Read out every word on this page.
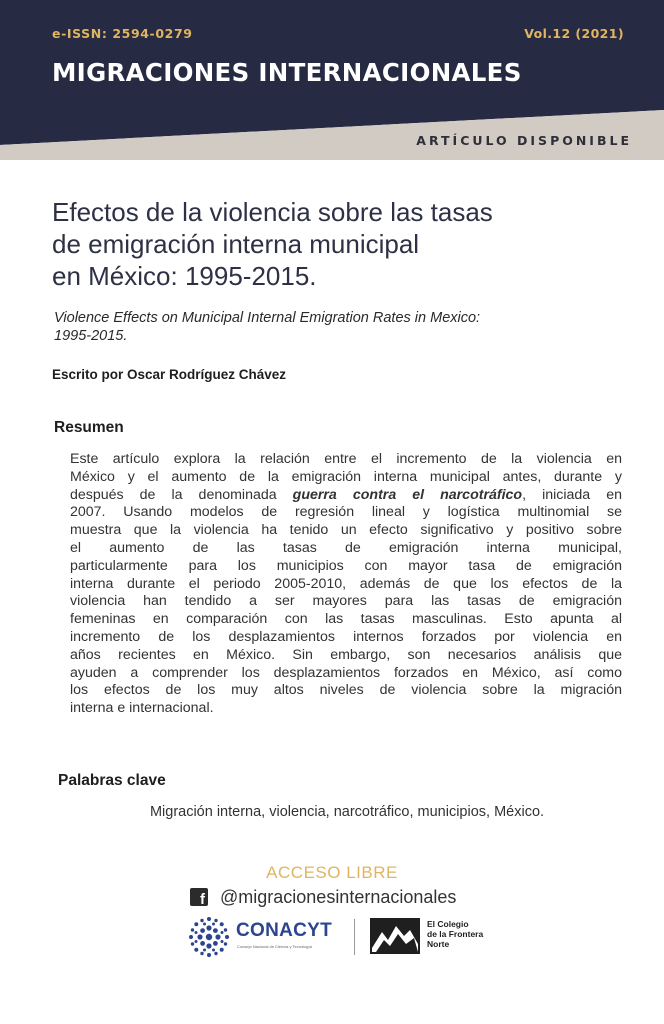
e-ISSN: 2594-0279	Vol.12 (2021)
MIGRACIONES INTERNACIONALES
ARTÍCULO DISPONIBLE
Efectos de la violencia sobre las tasas
de emigración interna municipal
en México: 1995-2015.

Violence Effects on Municipal Internal Emigration Rates in Mexico:
1995-2015.

Escrito por Oscar Rodríguez Chávez
Resumen

Este artículo explora la relación entre el incremento de la violencia en
México y el aumento de la emigración interna municipal antes, durante y
después de la denominada guerra contra el narcotráfico, iniciada en
2007. Usando modelos de regresión lineal y logística multinomial se
muestra que la violencia ha tenido un efecto significativo y positivo sobre
el aumento de las tasas de emigración interna municipal,
particularmente para los municipios con mayor tasa de emigración
interna durante el periodo 2005-2010, además de que los efectos de la
violencia han tendido a ser mayores para las tasas de emigración
femeninas en comparación con las tasas masculinas. Esto apunta al
incremento de los desplazamientos internos forzados por violencia en
años recientes en México. Sin embargo, son necesarios análisis que
ayuden a comprender los desplazamientos forzados en México, así como
los efectos de los muy altos niveles de violencia sobre la migración
interna e internacional.

Palabras clave
Migración interna, violencia, narcotráfico, municipios, México.
ACCESO LIBRE
f @migracionesinternacionales
CONACYT
Consejo Nacional de Ciencia y Tecnología
El Colegio
de la Frontera
Norte
